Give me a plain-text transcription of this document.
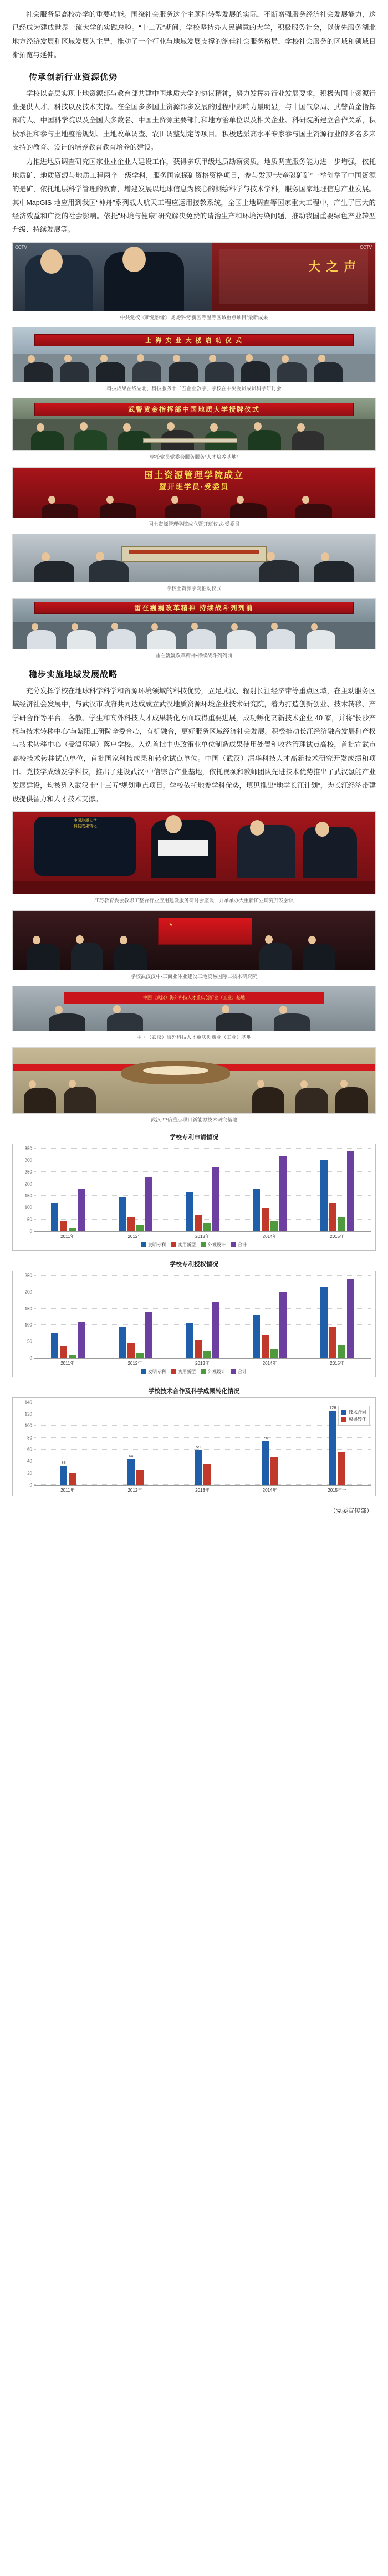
社会服务是高校办学的重要功能。围绕社会服务这个主题和转型发展的实际，不断增强服务经济社会发展能力，这已经成为建成世界一流大学的实践总验。“十二五”期间，学校坚持办人民满意的大学，积极服务社会，以优先服务湖北地方经济发展和区域发展为主导，推动了一个行业与地域发展支撑的绝佳社会服务格局，学校社会服务的区域和领域日渐拓宽与延伸。

传承创新行业资源优势

学校以高层实现土地资源部与教育部共建中国地质大学的协议精神，努力发挥办行业发展要求，积极为国土资源行业提供人才、科技以及技术支持。在全国多多国土资源部多发展的过程中影响力最明显，与中国气象局、武警黄金指挥部的人、中国科学院以及全国大多数名、中国土资源主要部门和地方治单位以及相关企业、科研院所建立合作关系，积极承担和参与土地整治规划、土地改革调查、农田调整划定等项目。积极选派高水平专家参与国土资源行业的多名多来支持的教育、设计的培养教育教育培养的建设。

力推进地质调查研究国家业业企业人建设工作，获得多项甲级地质勘察资质。地质调查服务能力进一步增强，依托地质矿、地质资源与地质工程两个一级学科，服务国家探矿资格资格项目，参与发现“大童磁矿矿”一举创举了中国资源的是矿，依托地层科学管理的教育，增建发展以地球信息为核心的测绘科学与技术学科，服务国家地理信息产业发展。其中MapGIS 地应用到我国“神舟”系列载人航天工程应运用接教系统，全国土地调查等国家重大工程中，产生了巨大的经济效益和广泛的社会影响。依托“环境与健康”研究解决免费的请治生产和环境污染问题，推动我国重要绿色产业转型升级、持续发展等。

大 之 声
CCTV	CCTV
中共党校《新党影像》谈谈学校“新区等温等区域重点项目”最新成果
上 海 实 业 大 楼 启 动 仪 式
科技成果在线湖北、科技服务十二五企业教学，学校在中央委员成员科学研讨会
武警黄金指挥部中国地质大学授牌仪式
学校党员党委会服务服务“人才培养基地”
国土资源管理学院成立
暨开班学员·受委员
国土资源管理学院成立暨开班仪式·受委员
学校土资源学院推动仪式
雷在巍巍改革精神 持续战斗列列前
雷在巍巍改革精神·持续战斗列列前
稳步实施地域发展战略

充分发挥学校在地球科学科学和资源环境领域的科技优势，立足武汉、辐射长江经济带等重点区域，在主动服务区域经济社会发展中，与武汉市政府共同达成成立武汉地质资源环境企业技术研究院，着力打造创新创业、技术转移、产学研合作等平台。各教、学生和高外科技人才成果转化方面取得重要进展，成功孵化高新技术企业 40 家，并将“长沙产权与技术转移中心”与紫阳工研院全委合心，有机融合，更好服务区域经济社会发展。积极推动长江经济融合发展和产权与技术转移中心（受温环境）落户学校。入选首批中央政策业单位制造成果使用处置和收益管理试点高校，首批宣武市高校技术转移试点单位，首批国家科技成果和转化试点单位。中国（武汉）清华科技人才高新技术研究开发成绩和项目、党技学成绩发学科技，推出了建设武汉·中信综合产业基地，依托视频和教师团队先进技术优势推出了武汉氢能产业发展建设，均被列入武汉市“十三五”规划重点项目，学校依托地参学科优势，填见推出“地学长江计划”，为长江经济带建设提供智力和人才技术支撑。

中国地质大学
科技成果转化
江苏教育委会教职工整合行业应用建设服务研讨会座谈，并承承办大重新矿业研究开发会议
★
学校武汉汉中·工商业体业建设三地贸易国际二技术研究院
中国（武汉）海外科技人才重庆创新业（工业）基地
中国（武汉）海外科技人才重庆创新业（工业）基地
武汉·中信重点项目新能源技术研究基地
学校专利申请情况
0
50
100
150
200
250
300
350
2011年	2012年	2013年	2014年	2015年
发明专利	实用新型	外观设计	合计
学校专利授权情况
0
50
100
150
200
250
2011年	2012年	2013年	2014年	2015年
发明专利	实用新型	外观设计	合计
学校技术合作及科学成果转化情况
0
20
40
60
80
100
120
140
33
44
59
74
126
2011年	2012年	2013年	2014年	2015年一
技术合同
成果转化
（党委宣传部）
